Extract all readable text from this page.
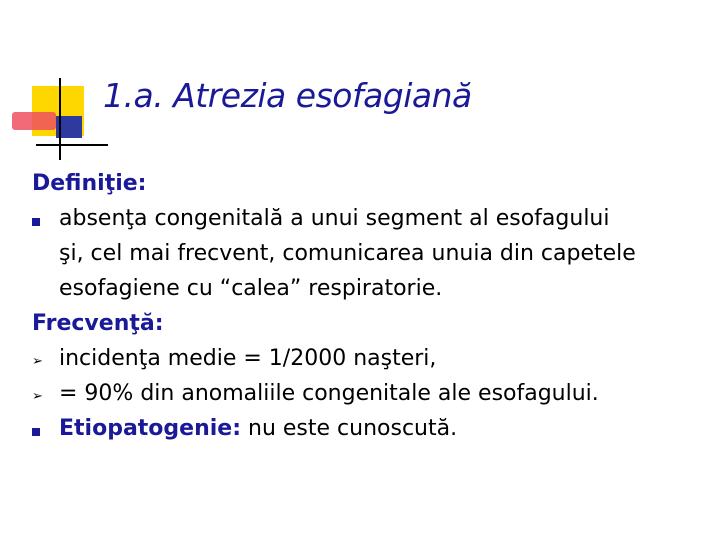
1.a. Atrezia esofagiană
Definiţie:
absenţa congenitală a unui segment al esofagului
şi, cel mai frecvent, comunicarea unuia din capetele
esofagiene cu “calea” respiratorie.
Frecvenţă:
➢ incidenţa medie = 1/2000 naşteri,
➢ = 90% din anomaliile congenitale ale esofagului.
Etiopatogenie: nu este cunoscută.
